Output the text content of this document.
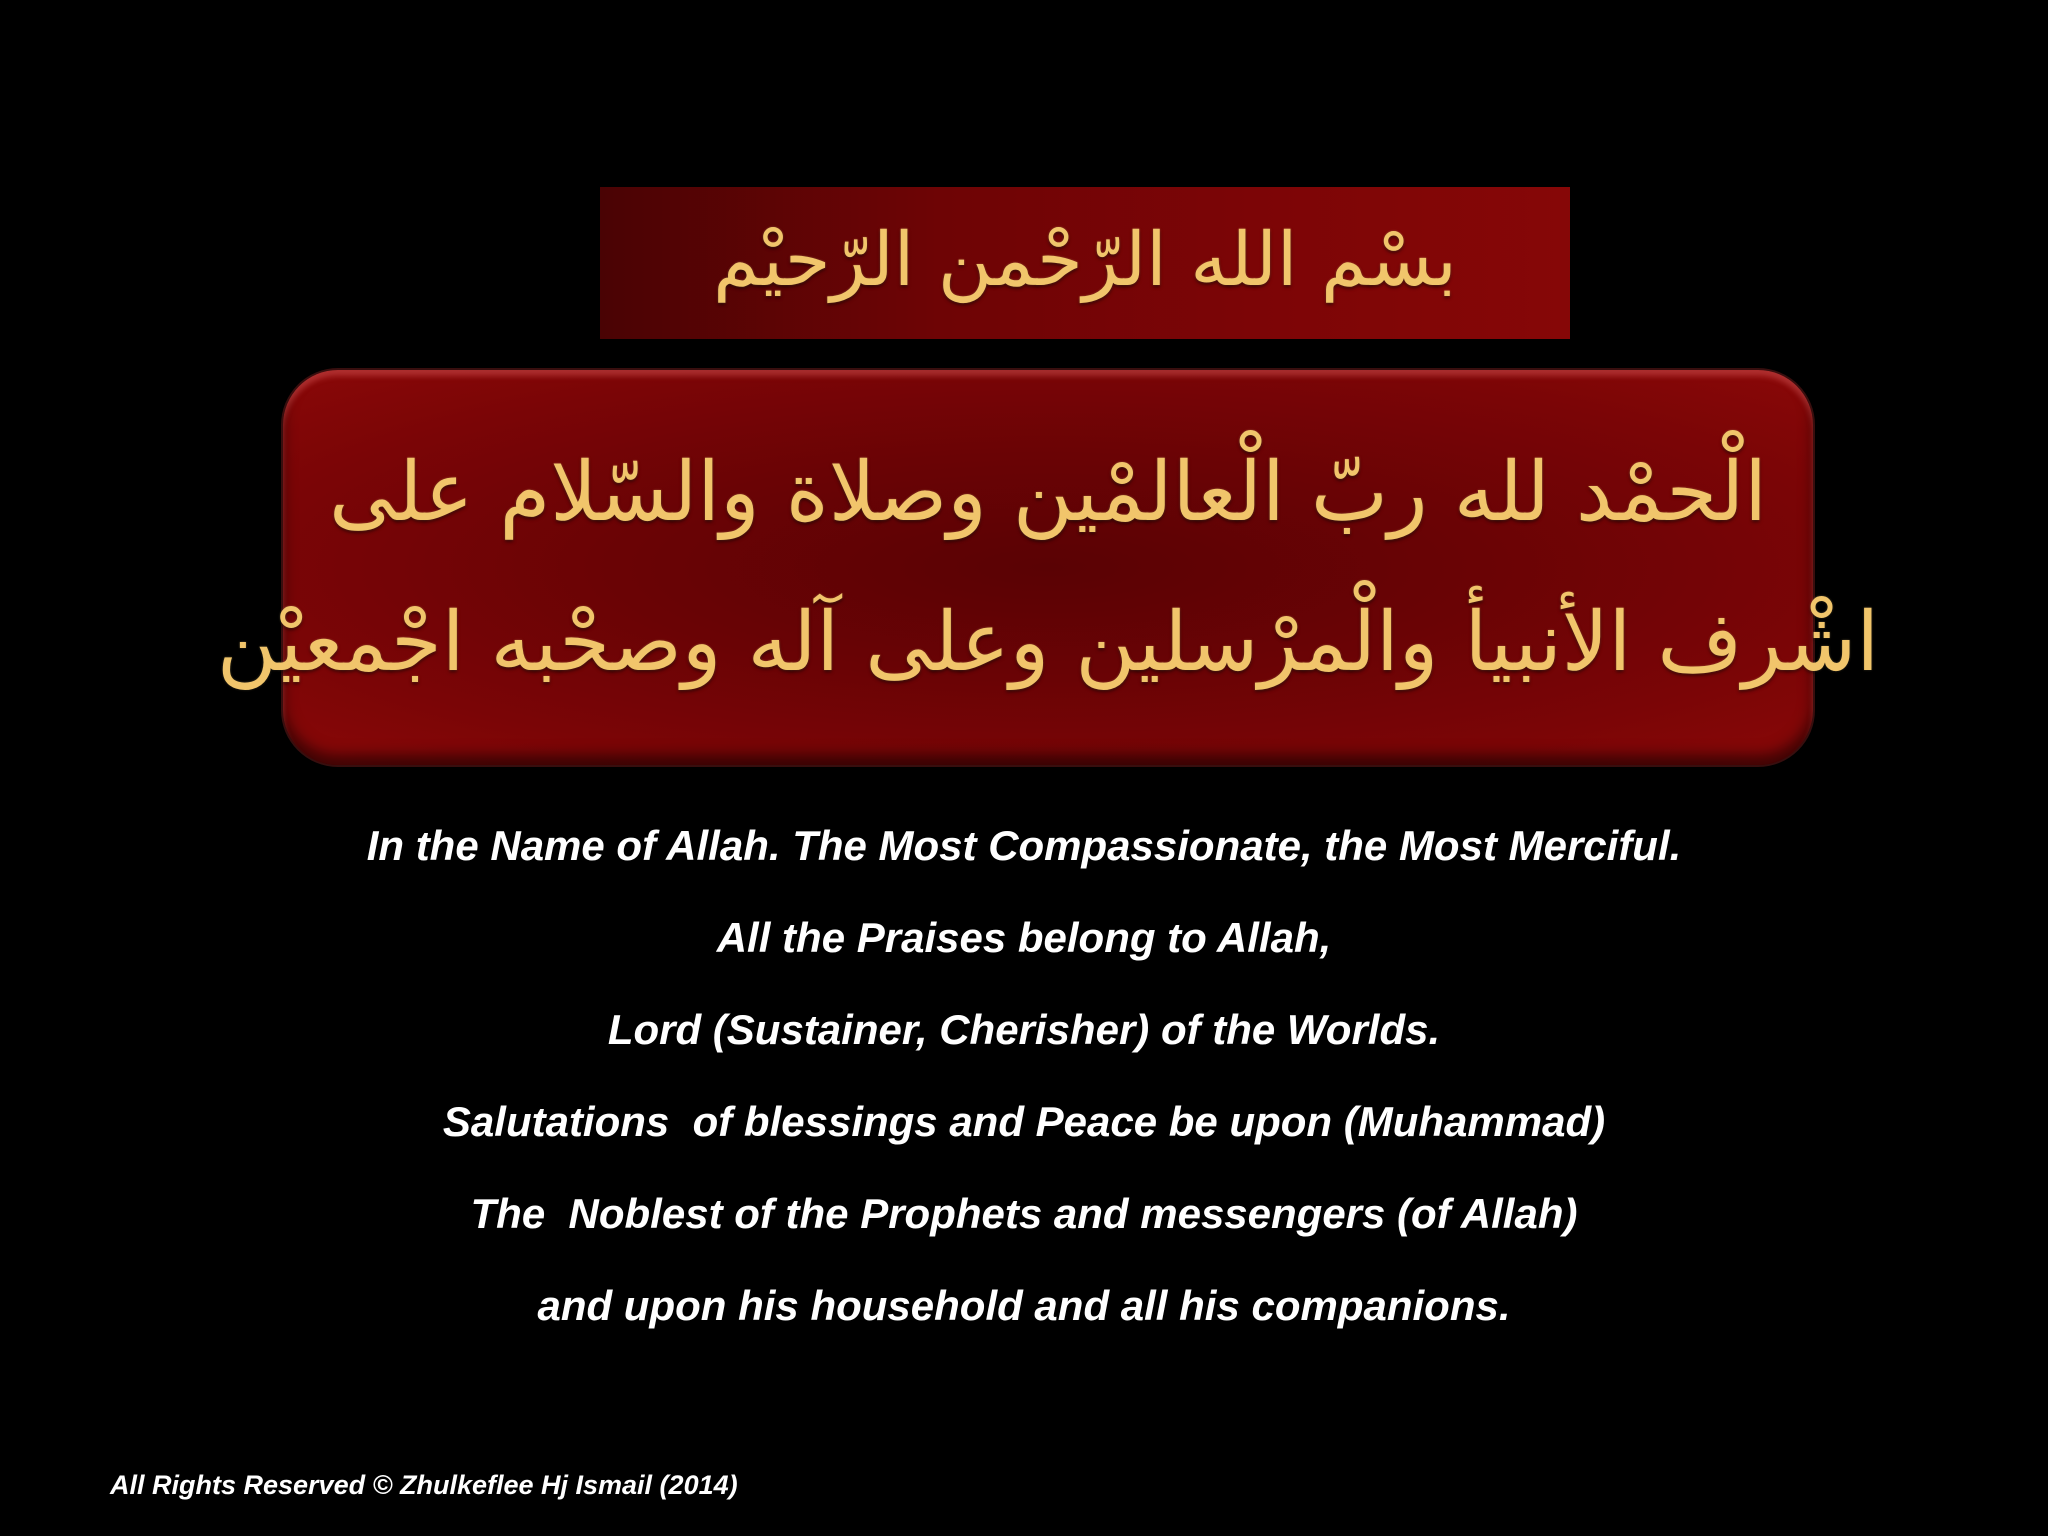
بسْم الله الرّحْمن الرّحيْم

الْحمْد لله ربّ الْعالمْين وصلاة والسّلام على

اشْرف الأنبيأ والْمرْسلين وعلى آله وصحْبه اجْمعيْن

In the Name of Allah. The Most Compassionate, the Most Merciful.
All the Praises belong to Allah,
Lord (Sustainer, Cherisher) of the Worlds.
Salutations  of blessings and Peace be upon (Muhammad)
The  Noblest of the Prophets and messengers (of Allah)
and upon his household and all his companions.
All Rights Reserved © Zhulkeflee Hj Ismail (2014)
